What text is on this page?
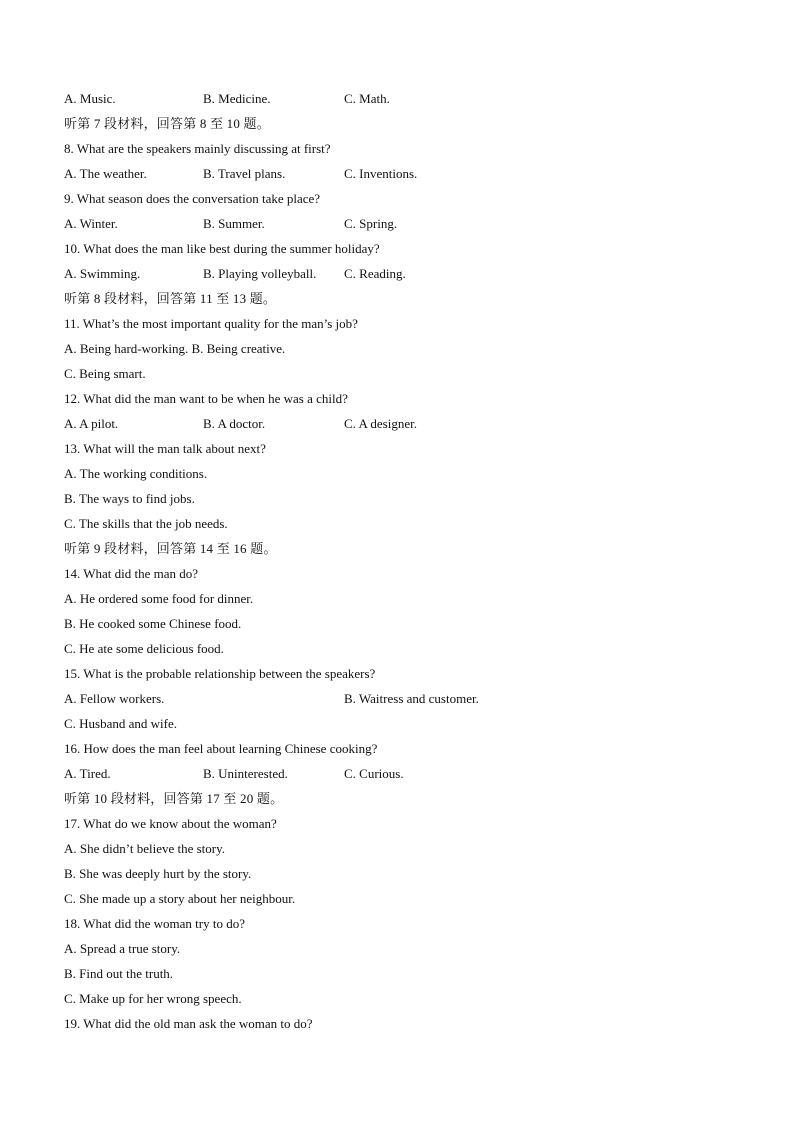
A. Music.	B. Medicine.	C. Math.
听第 7 段材料，回答第 8 至 10 题。
8. What are the speakers mainly discussing at first?
A. The weather.	B. Travel plans.	C. Inventions.
9. What season does the conversation take place?
A. Winter.	B. Summer.	C. Spring.
10. What does the man like best during the summer holiday?
A. Swimming.	B. Playing volleyball. C. Reading.
听第 8 段材料，回答第 11 至 13 题。
11. What’s the most important quality for the man’s job?
A. Being hard-working. B. Being creative.
C. Being smart.
12. What did the man want to be when he was a child?
A. A pilot.	B. A doctor.	C. A designer.
13. What will the man talk about next?
A. The working conditions.
B. The ways to find jobs.
C. The skills that the job needs.
听第 9 段材料，回答第 14 至 16 题。
14. What did the man do?
A. He ordered some food for dinner.
B. He cooked some Chinese food.
C. He ate some delicious food.
15. What is the probable relationship between the speakers?
A. Fellow workers.	B. Waitress and customer.
C. Husband and wife.
16. How does the man feel about learning Chinese cooking?
A. Tired.	B. Uninterested.	C. Curious.
听第 10 段材料，回答第 17 至 20 题。
17. What do we know about the woman?
A. She didn’t believe the story.
B. She was deeply hurt by the story.
C. She made up a story about her neighbour.
18. What did the woman try to do?
A. Spread a true story.
B. Find out the truth.
C. Make up for her wrong speech.
19. What did the old man ask the woman to do?
